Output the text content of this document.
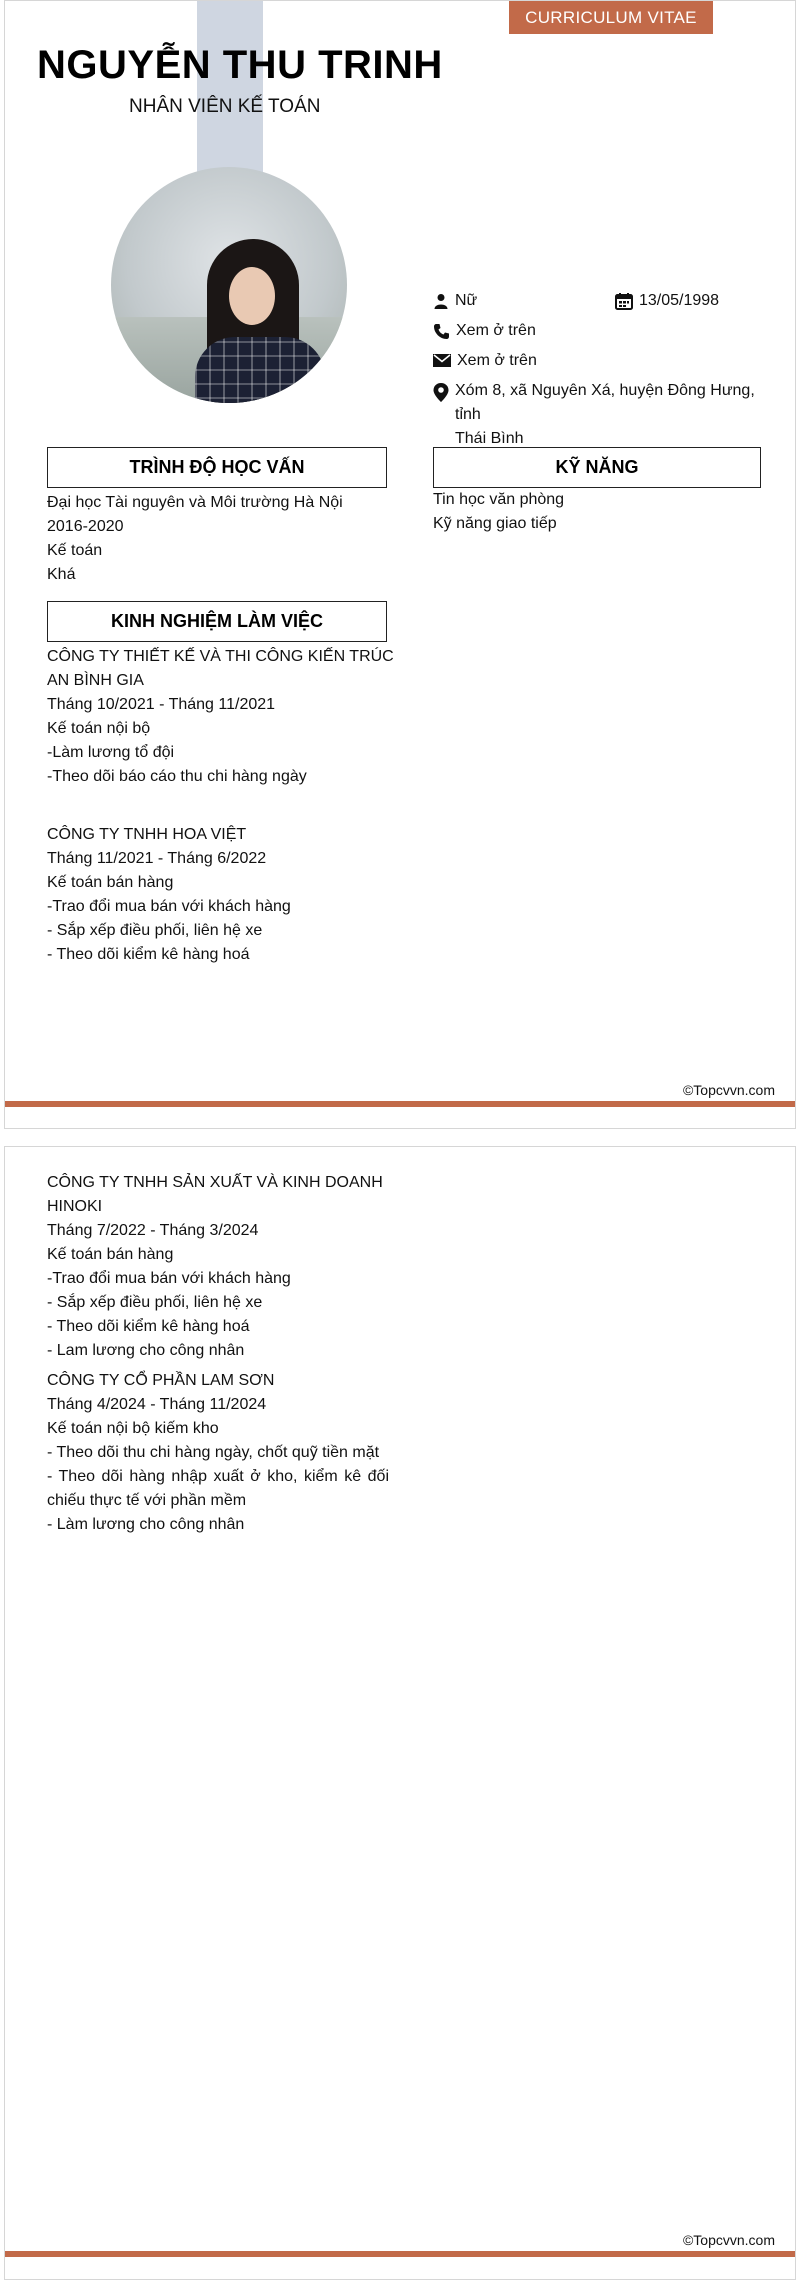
CURRICULUM VITAE
NGUYỄN THU TRINH
NHÂN VIÊN KẾ TOÁN
Nữ	13/05/1998
Xem ở trên
Xem ở trên
Xóm 8, xã Nguyên Xá, huyện Đông Hưng, tỉnh
Thái Bình
TRÌNH ĐỘ HỌC VẤN
Đại học Tài nguyên và Môi trường Hà Nội
2016-2020
Kế toán
Khá
KỸ NĂNG
Tin học văn phòng
Kỹ năng giao tiếp
KINH NGHIỆM LÀM VIỆC
CÔNG TY THIẾT KẾ VÀ THI CÔNG KIẾN TRÚC
AN BÌNH GIA
Tháng 10/2021 - Tháng 11/2021
Kế toán nội bộ
-Làm lương tổ đội
-Theo dõi báo cáo thu chi hàng ngày
CÔNG TY TNHH HOA VIỆT
Tháng 11/2021 - Tháng 6/2022
Kế toán bán hàng
-Trao đổi mua bán với khách hàng
- Sắp xếp điều phối, liên hệ xe
- Theo dõi kiểm kê hàng hoá
©Topcvvn.com
CÔNG TY TNHH SẢN XUẤT VÀ KINH DOANH
HINOKI
Tháng 7/2022 - Tháng 3/2024
Kế toán bán hàng
-Trao đổi mua bán với khách hàng
- Sắp xếp điều phối, liên hệ xe
- Theo dõi kiểm kê hàng hoá
- Lam lương cho công nhân
CÔNG TY CỔ PHẦN LAM SƠN
Tháng 4/2024 - Tháng 11/2024
Kế toán nội bộ kiếm kho
- Theo dõi thu chi hàng ngày, chốt quỹ tiền mặt
- Theo dõi hàng nhập xuất ở kho, kiểm kê đối chiếu thực tế với phần mềm
- Làm lương cho công nhân
©Topcvvn.com
